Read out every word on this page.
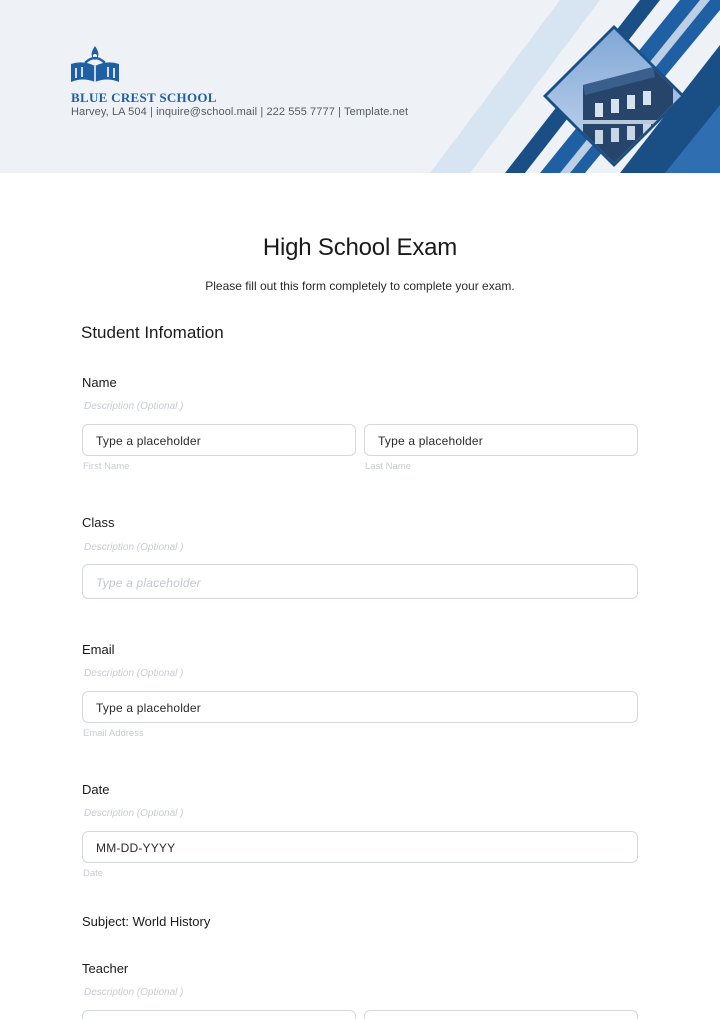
BLUE CREST SCHOOL
Harvey, LA 504 | inquire@school.mail | 222 555 7777 | Template.net
High School Exam
Please fill out this form completely to complete your exam.
Student Infomation
Name
Description (Optional )
Type a placeholder	Type a placeholder
First Name	Last Name
Class
Description (Optional )
Type a placeholder
Email
Description (Optional )
Type a placeholder
Email Address
Date
Description (Optional )
MM-DD-YYYY
Date
Subject: World History
Teacher
Description (Optional )
